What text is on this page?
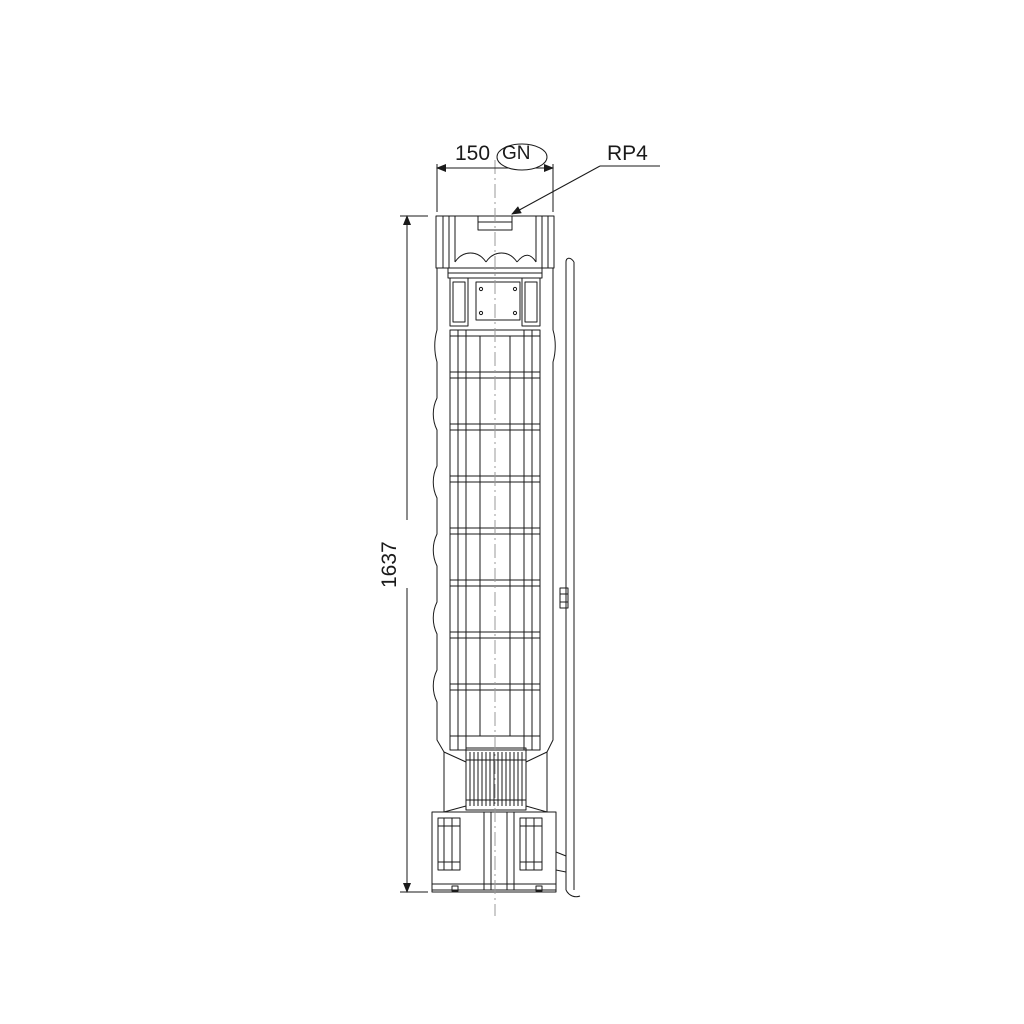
150 GN	RP4
1637
